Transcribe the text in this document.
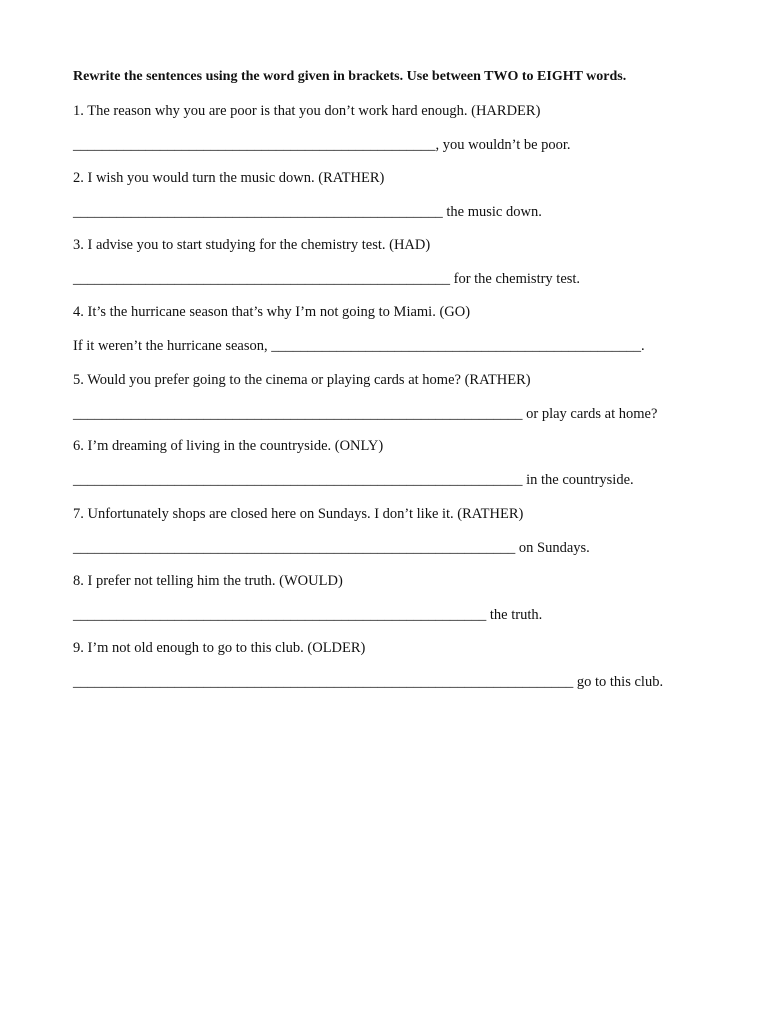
Rewrite the sentences using the word given in brackets. Use between TWO to EIGHT words.
1. The reason why you are poor is that you don’t work hard enough. (HARDER)
__________________________________________________, you wouldn’t be poor.
2. I wish you would turn the music down. (RATHER)
___________________________________________________ the music down.
3. I advise you to start studying for the chemistry test. (HAD)
____________________________________________________ for the chemistry test.
4. It’s the hurricane season that’s why I’m not going to Miami. (GO)
If it weren’t the hurricane season, ___________________________________________________.
5. Would you prefer going to the cinema or playing cards at home? (RATHER)
______________________________________________________________ or play cards at home?
6. I’m dreaming of living in the countryside. (ONLY)
______________________________________________________________ in the countryside.
7. Unfortunately shops are closed here on Sundays. I don’t like it. (RATHER)
_____________________________________________________________ on Sundays.
8. I prefer not telling him the truth. (WOULD)
_________________________________________________________ the truth.
9. I’m not old enough to go to this club. (OLDER)
_____________________________________________________________________ go to this club.
